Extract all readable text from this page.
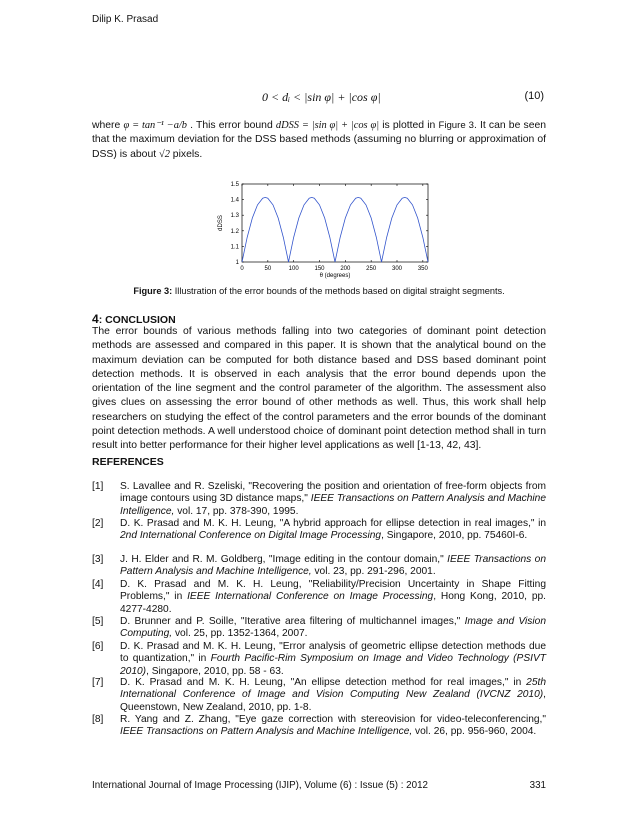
Dilip K. Prasad
0 < dᵢ < |sin φ| + |cos φ|	(10)
where φ = tan⁻¹ −a/b . This error bound dDSS = |sin φ| + |cos φ| is plotted in Figure 3. It can be seen that the maximum deviation for the DSS based methods (assuming no blurring or approximation of DSS) is about √2 pixels.
0	50	100	150	200	250	300	350
1
1.1
1.2
1.3
1.4
1.5
θ (degrees)
dDSS
Figure 3: Illustration of the error bounds of the methods based on digital straight segments.
4: CONCLUSION
The error bounds of various methods falling into two categories of dominant point detection methods are assessed and compared in this paper. It is shown that the analytical bound on the maximum deviation can be computed for both distance based and DSS based dominant point detection methods. It is observed in each analysis that the error bound depends upon the orientation of the line segment and the control parameter of the algorithm. The assessment also gives clues on assessing the error bound of other methods as well. Thus, this work shall help researchers on studying the effect of the control parameters and the error bounds of the dominant point detection methods. A well understood choice of dominant point detection method shall in turn result into better performance for their higher level applications as well [1-13, 42, 43].
REFERENCES
[1] S. Lavallee and R. Szeliski, "Recovering the position and orientation of free-form objects from image contours using 3D distance maps," IEEE Transactions on Pattern Analysis and Machine Intelligence, vol. 17, pp. 378-390, 1995.
[2] D. K. Prasad and M. K. H. Leung, "A hybrid approach for ellipse detection in real images," in 2nd International Conference on Digital Image Processing, Singapore, 2010, pp. 75460I-6.
[3] J. H. Elder and R. M. Goldberg, "Image editing in the contour domain," IEEE Transactions on Pattern Analysis and Machine Intelligence, vol. 23, pp. 291-296, 2001.
[4] D. K. Prasad and M. K. H. Leung, "Reliability/Precision Uncertainty in Shape Fitting Problems," in IEEE International Conference on Image Processing, Hong Kong, 2010, pp. 4277-4280.
[5] D. Brunner and P. Soille, "Iterative area filtering of multichannel images," Image and Vision Computing, vol. 25, pp. 1352-1364, 2007.
[6] D. K. Prasad and M. K. H. Leung, "Error analysis of geometric ellipse detection methods due to quantization," in Fourth Pacific-Rim Symposium on Image and Video Technology (PSIVT 2010), Singapore, 2010, pp. 58 - 63.
[7] D. K. Prasad and M. K. H. Leung, "An ellipse detection method for real images," in 25th International Conference of Image and Vision Computing New Zealand (IVCNZ 2010), Queenstown, New Zealand, 2010, pp. 1-8.
[8] R. Yang and Z. Zhang, "Eye gaze correction with stereovision for video-teleconferencing," IEEE Transactions on Pattern Analysis and Machine Intelligence, vol. 26, pp. 956-960, 2004.
International Journal of Image Processing (IJIP), Volume (6) : Issue (5) : 2012	331
